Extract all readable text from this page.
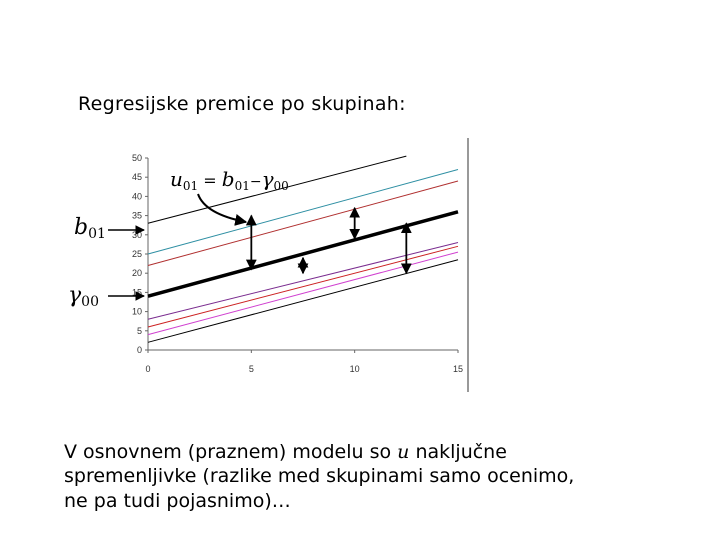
Regresijske premice po skupinah:
0
5
10
15
20
25
30
35
40
45
50
0	5	10	15
$u_{01}$ = $b_{01}^-\gamma_{00}$
b01
γ00
V osnovnem (praznem) modelu so u naključne
spremenljivke (razlike med skupinami samo ocenimo,
ne pa tudi pojasnimo)…
